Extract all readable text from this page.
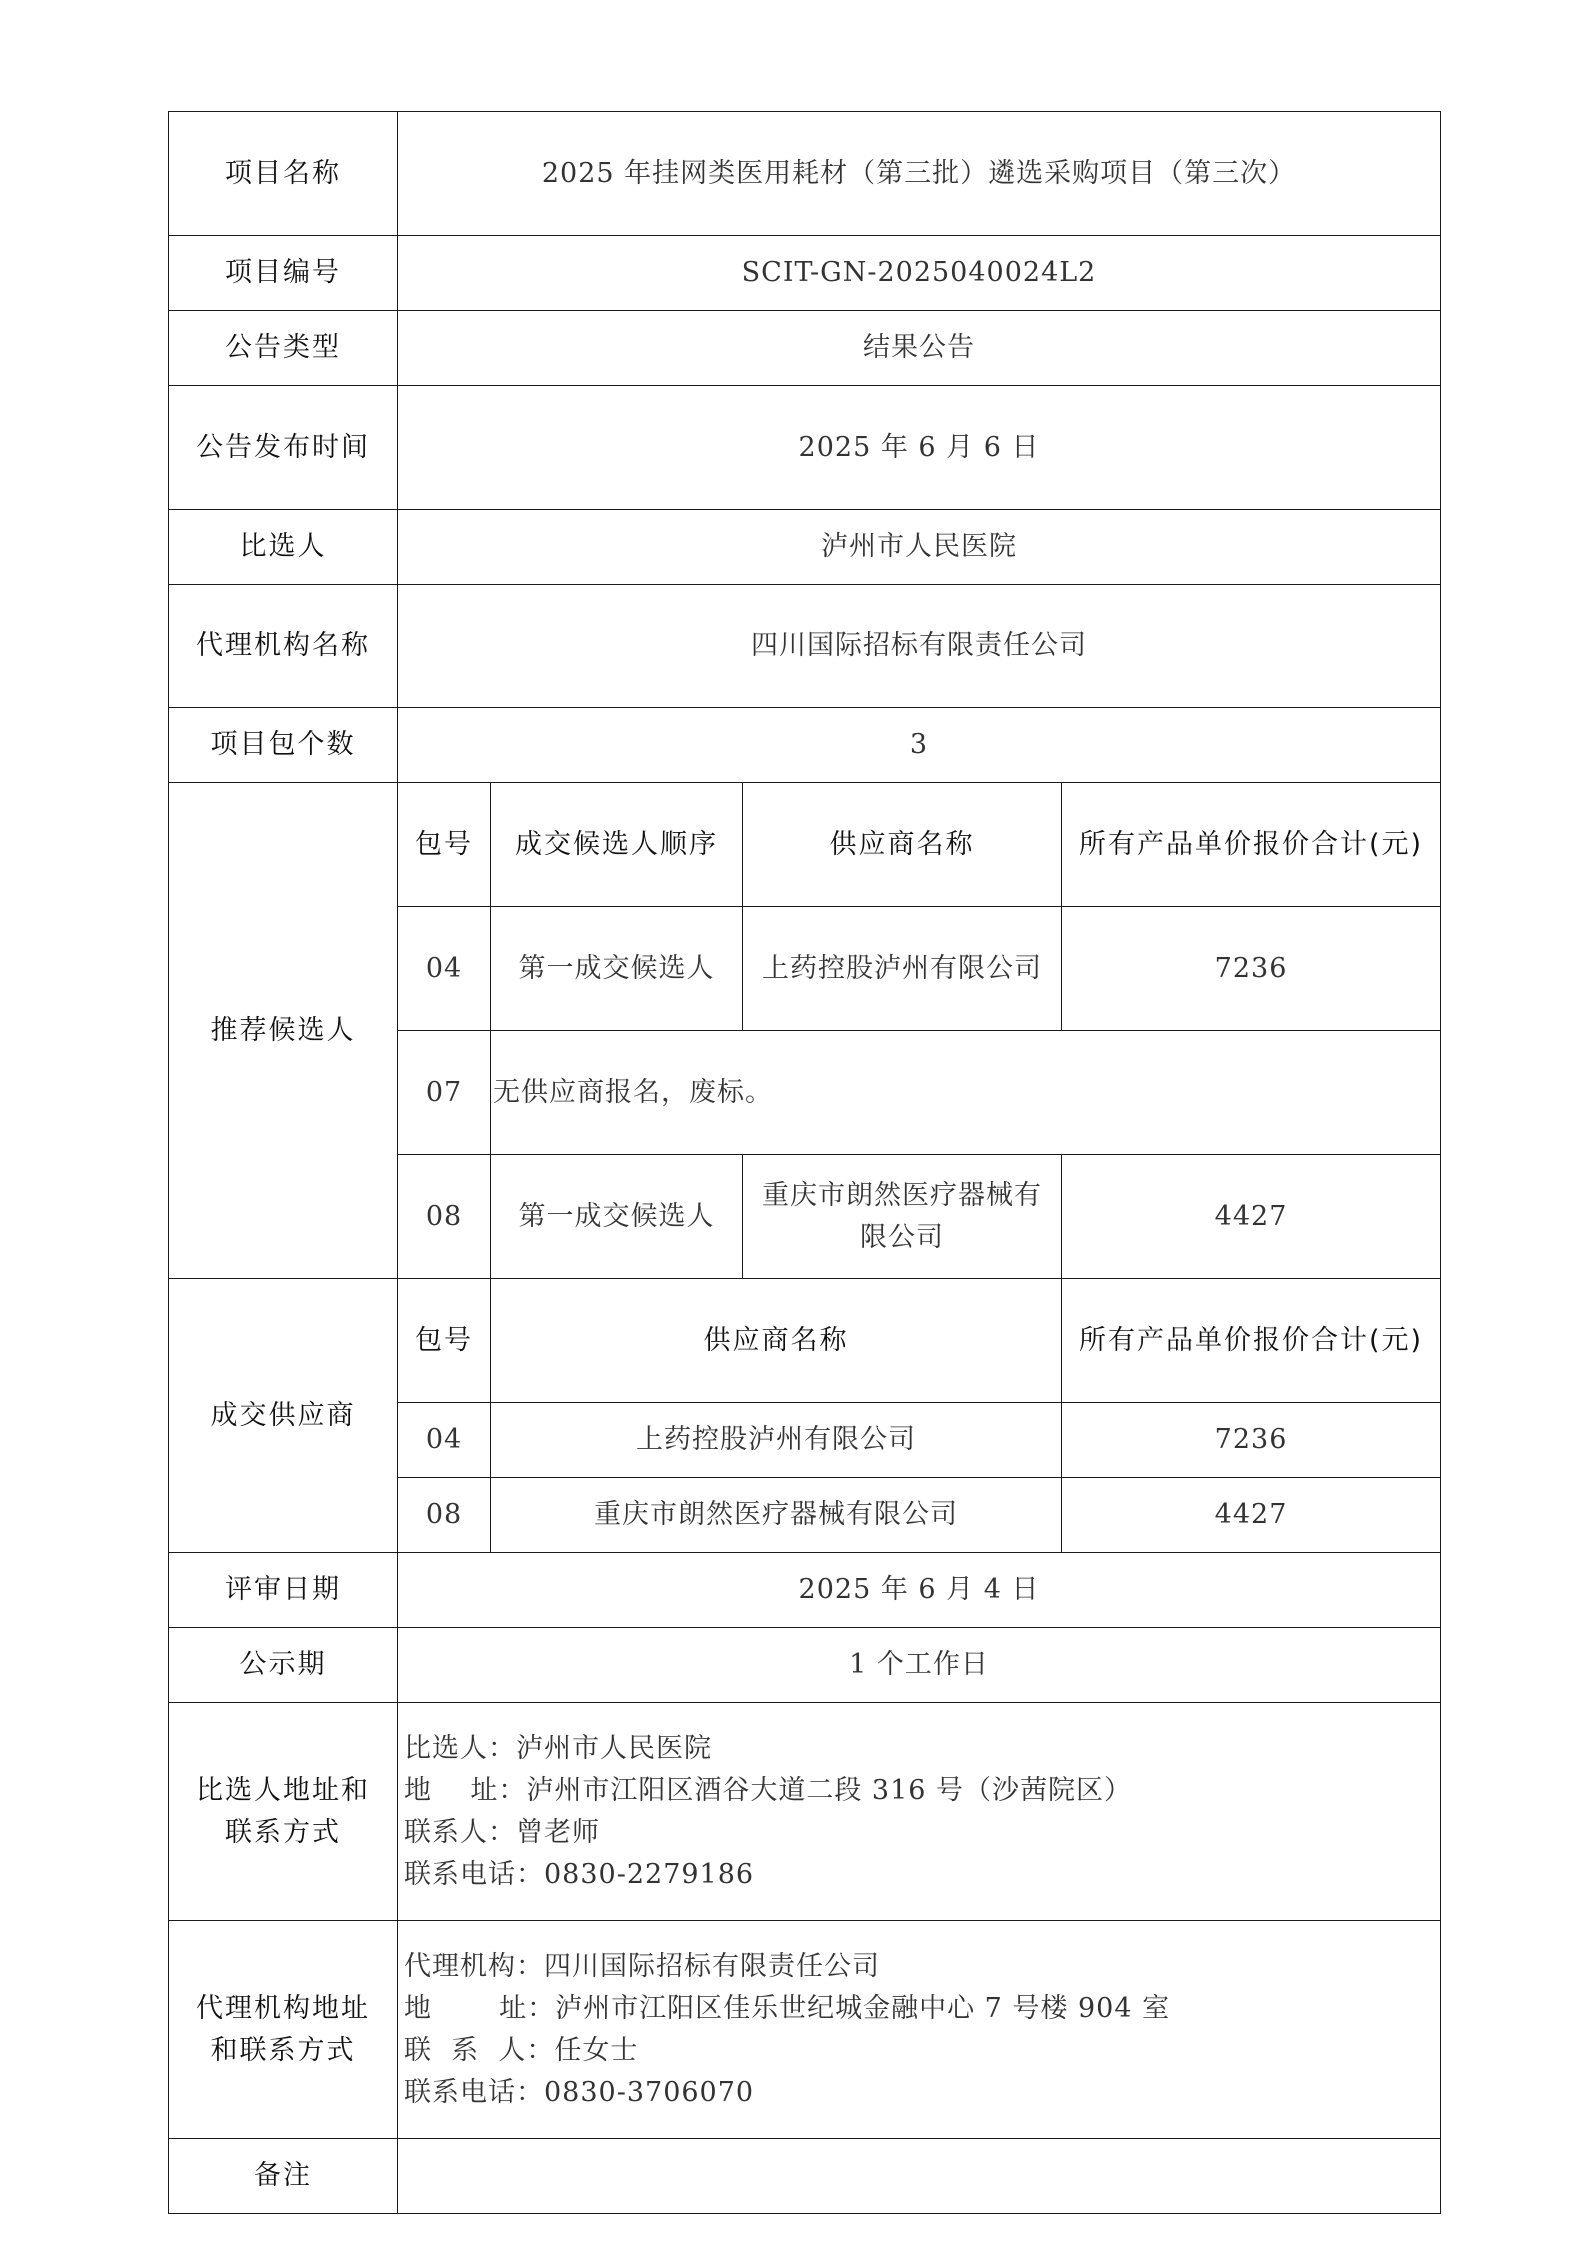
项目名称	2025 年挂网类医用耗材（第三批）遴选采购项目（第三次）			
项目编号	SCIT-GN-2025040024L2			
公告类型	结果公告			
公告发布时间	2025 年 6 月 6 日			
比选人	泸州市人民医院			
代理机构名称	四川国际招标有限责任公司			
项目包个数	3			
推荐候选人	包号	成交候选人顺序	供应商名称	所有产品单价报价合计(元)
	04	第一成交候选人	上药控股泸州有限公司	7236
	07	无供应商报名，废标。		
	08	第一成交候选人	重庆市朗然医疗器械有限公司	4427
成交供应商	包号	供应商名称		所有产品单价报价合计(元)
	04	上药控股泸州有限公司		7236
	08	重庆市朗然医疗器械有限公司		4427
评审日期	2025 年 6 月 4 日			
公示期	1 个工作日			

比选人地址和
联系方式	比选人：泸州市人民医院
地    址：泸州市江阳区酒谷大道二段 316 号（沙茜院区）
联系人：曾老师
联系电话：0830-2279186			

代理机构地址
和联系方式	代理机构：四川国际招标有限责任公司
地       址：泸州市江阳区佳乐世纪城金融中心 7 号楼 904 室
联  系  人：任女士
联系电话：0830-3706070			

备注				
